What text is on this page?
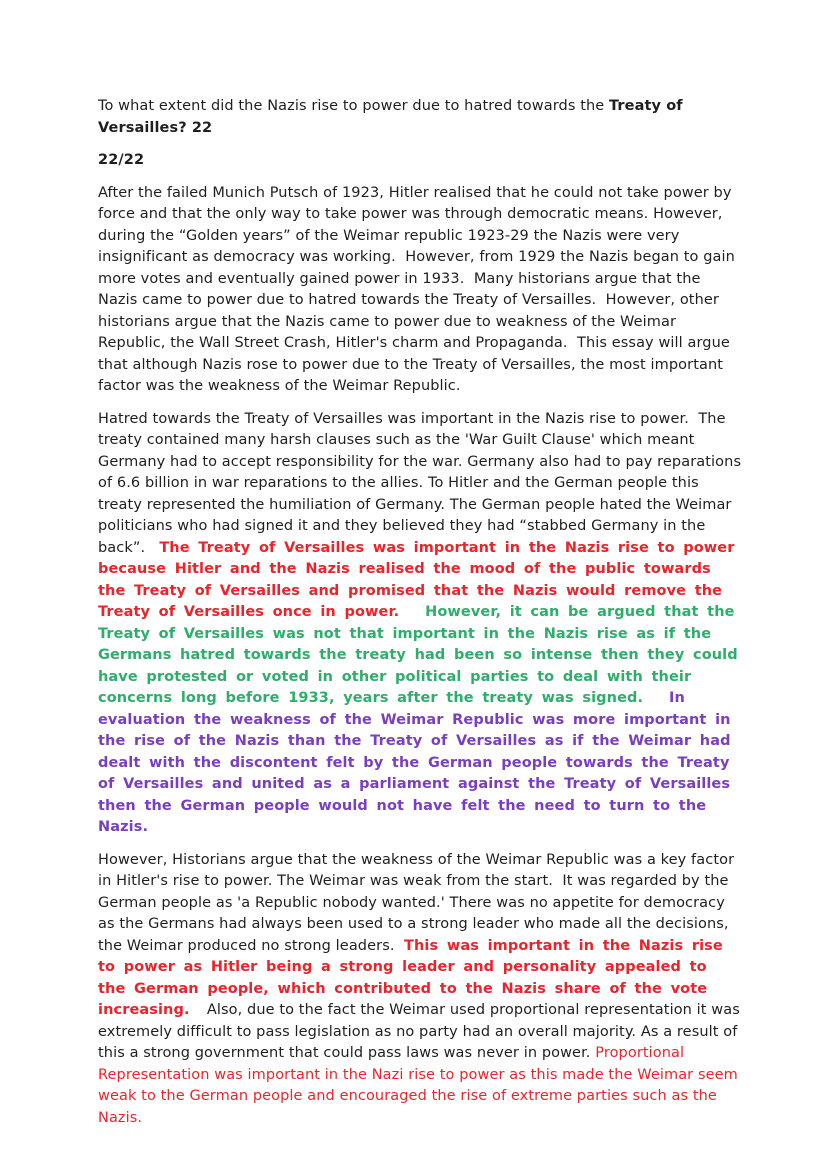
To what extent did the Nazis rise to power due to hatred towards the Treaty of Versailles? 22

22/22

After the failed Munich Putsch of 1923, Hitler realised that he could not take power by force and that the only way to take power was through democratic means. However, during the “Golden years” of the Weimar republic 1923-29 the Nazis were very insignificant as democracy was working.  However, from 1929 the Nazis began to gain more votes and eventually gained power in 1933.  Many historians argue that the Nazis came to power due to hatred towards the Treaty of Versailles.  However, other historians argue that the Nazis came to power due to weakness of the Weimar Republic, the Wall Street Crash, Hitler's charm and Propaganda.  This essay will argue that although Nazis rose to power due to the Treaty of Versailles, the most important factor was the weakness of the Weimar Republic.

Hatred towards the Treaty of Versailles was important in the Nazis rise to power.  The treaty contained many harsh clauses such as the 'War Guilt Clause' which meant Germany had to accept responsibility for the war. Germany also had to pay reparations of 6.6 billion in war reparations to the allies. To Hitler and the German people this treaty represented the humiliation of Germany. The German people hated the Weimar politicians who had signed it and they believed they had “stabbed Germany in the back”.   The Treaty of Versailles was important in the Nazis rise to power because Hitler and the Nazis realised the mood of the public towards the Treaty of Versailles and promised that the Nazis would remove the Treaty of Versailles once in power.   However, it can be argued that the Treaty of Versailles was not that important in the Nazis rise as if the Germans hatred towards the treaty had been so intense then they could have protested or voted in other political parties to deal with their concerns long before 1933, years after the treaty was signed.   In evaluation the weakness of the Weimar Republic was more important in the rise of the Nazis than the Treaty of Versailles as if the Weimar had dealt with the discontent felt by the German people towards the Treaty of Versailles and united as a parliament against the Treaty of Versailles then the German people would not have felt the need to turn to the Nazis.

However, Historians argue that the weakness of the Weimar Republic was a key factor in Hitler's rise to power. The Weimar was weak from the start.  It was regarded by the German people as 'a Republic nobody wanted.' There was no appetite for democracy as the Germans had always been used to a strong leader who made all the decisions, the Weimar produced no strong leaders.  This was important in the Nazis rise to power as Hitler being a strong leader and personality appealed to the German people, which contributed to the Nazis share of the vote increasing.  Also, due to the fact the Weimar used proportional representation it was extremely difficult to pass legislation as no party had an overall majority. As a result of this a strong government that could pass laws was never in power. Proportional Representation was important in the Nazi rise to power as this made the Weimar seem weak to the German people and encouraged the rise of extreme parties such as the Nazis.
